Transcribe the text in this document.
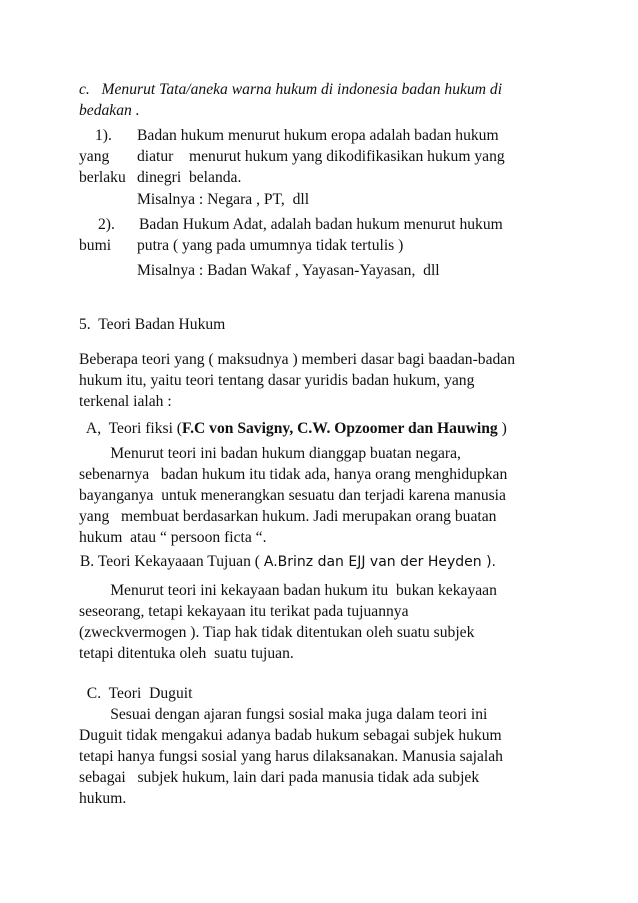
c.   Menurut Tata/aneka warna hukum di indonesia badan hukum di

bedakan .

1). Badan hukum menurut hukum eropa adalah badan hukum
yang diatur    menurut hukum yang dikodifikasikan hukum yang
berlaku dinegri  belanda.
Misalnya : Negara , PT,  dll
2). Badan Hukum Adat, adalah badan hukum menurut hukum
bumi putra ( yang pada umumnya tidak tertulis )
Misalnya : Badan Wakaf , Yayasan-Yayasan,  dll

5.  Teori Badan Hukum

Beberapa teori yang ( maksudnya ) memberi dasar bagi baadan-badan

hukum itu, yaitu teori tentang dasar yuridis badan hukum, yang

terkenal ialah :

A,  Teori fiksi (F.C von Savigny, C.W. Opzoomer dan Hauwing )

Menurut teori ini badan hukum dianggap buatan negara,

sebenarnya   badan hukum itu tidak ada, hanya orang menghidupkan

bayanganya  untuk menerangkan sesuatu dan terjadi karena manusia

yang   membuat berdasarkan hukum. Jadi merupakan orang buatan

hukum  atau “ persoon ficta “.

B. Teori Kekayaaan Tujuan ( A.Brinz dan EJJ van der Heyden ).

Menurut teori ini kekayaan badan hukum itu  bukan kekayaan

seseorang, tetapi kekayaan itu terikat pada tujuannya

(zweckvermogen ). Tiap hak tidak ditentukan oleh suatu subjek

tetapi ditentuka oleh  suatu tujuan.

C.  Teori  Duguit

Sesuai dengan ajaran fungsi sosial maka juga dalam teori ini

Duguit tidak mengakui adanya badab hukum sebagai subjek hukum

tetapi hanya fungsi sosial yang harus dilaksanakan. Manusia sajalah

sebagai   subjek hukum, lain dari pada manusia tidak ada subjek

hukum.
